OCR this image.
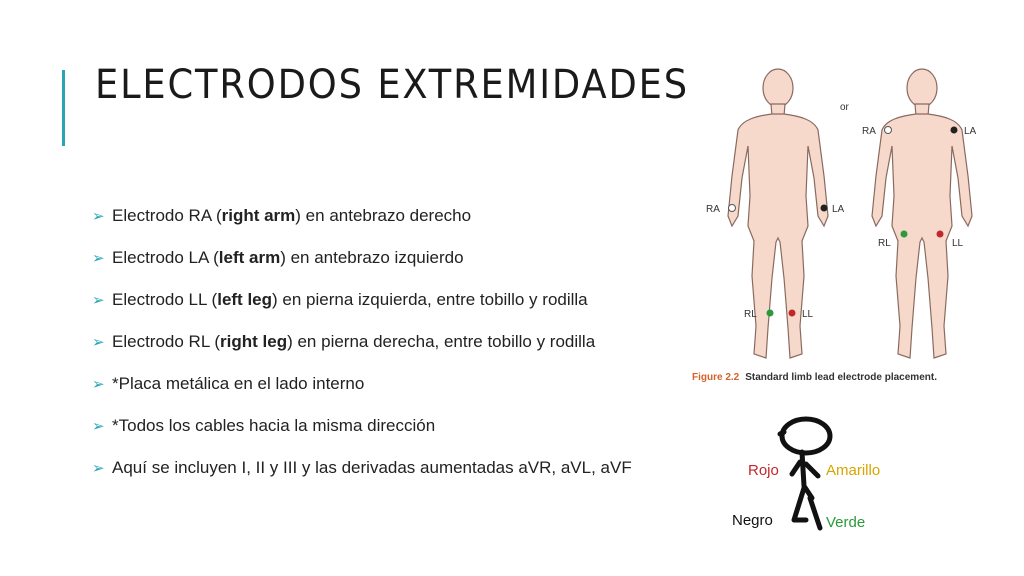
ELECTRODOS EXTREMIDADES
➢ Electrodo RA (right arm) en antebrazo derecho
➢ Electrodo LA (left arm) en antebrazo izquierdo
➢ Electrodo LL (left leg) en pierna izquierda, entre tobillo y rodilla
➢ Electrodo RL (right leg) en pierna derecha, entre tobillo y rodilla
➢ *Placa metálica en el lado interno
➢ *Todos los cables hacia la misma dirección
➢ Aquí se incluyen I, II y III y las derivadas aumentadas aVR, aVL, aVF
or
RA	LA
RL	LL
RA	LA
RL	LL
Figure 2.2 Standard limb lead electrode placement.
Rojo	Amarillo
Negro	Verde
